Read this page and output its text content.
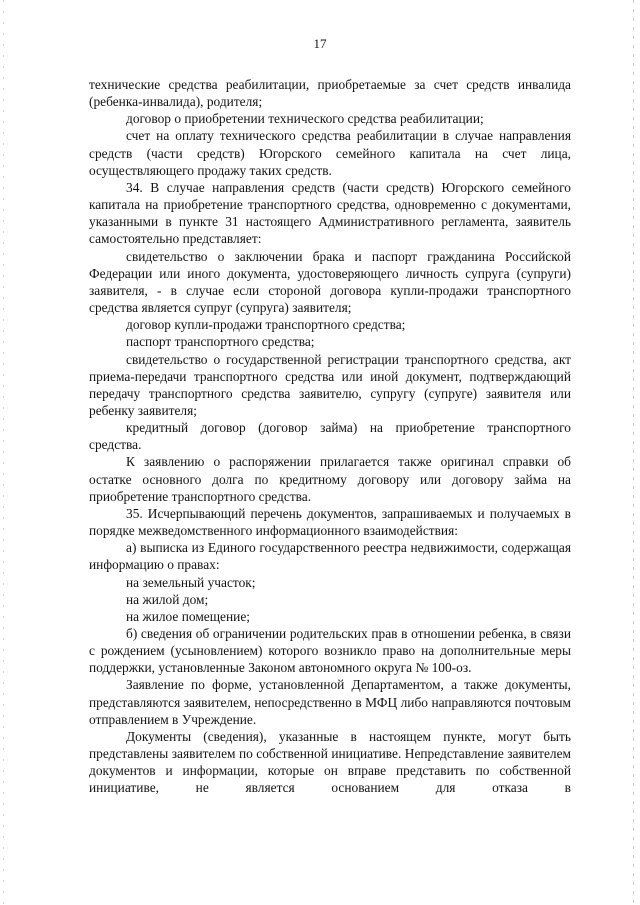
17

технические средства реабилитации, приобретаемые за счет средств инвалида (ребенка-инвалида), родителя;

договор о приобретении технического средства реабилитации;

счет на оплату технического средства реабилитации в случае направления средств (части средств) Югорского семейного капитала на счет лица, осуществляющего продажу таких средств.

34. В случае направления средств (части средств) Югорского семейного капитала на приобретение транспортного средства, одновременно с документами, указанными в пункте 31 настоящего Административного регламента, заявитель самостоятельно представляет:

свидетельство о заключении брака и паспорт гражданина Российской Федерации или иного документа, удостоверяющего личность супруга (супруги) заявителя, - в случае если стороной договора купли-продажи транспортного средства является супруг (супруга) заявителя;

договор купли-продажи транспортного средства;

паспорт транспортного средства;

свидетельство о государственной регистрации транспортного средства, акт приема-передачи транспортного средства или иной документ, подтверждающий передачу транспортного средства заявителю, супругу (супруге) заявителя или ребенку заявителя;

кредитный договор (договор займа) на приобретение транспортного средства.

К заявлению о распоряжении прилагается также оригинал справки об остатке основного долга по кредитному договору или договору займа на приобретение транспортного средства.

35. Исчерпывающий перечень документов, запрашиваемых и получаемых в порядке межведомственного информационного взаимодействия:

а) выписка из Единого государственного реестра недвижимости, содержащая информацию о правах:

на земельный участок;

на жилой дом;

на жилое помещение;

б) сведения об ограничении родительских прав в отношении ребенка, в связи с рождением (усыновлением) которого возникло право на дополнительные меры поддержки, установленные Законом автономного округа № 100-оз.

Заявление по форме, установленной Департаментом, а также документы, представляются заявителем, непосредственно в МФЦ либо направляются почтовым отправлением в Учреждение.

Документы (сведения), указанные в настоящем пункте, могут быть представлены заявителем по собственной инициативе. Непредставление заявителем документов и информации, которые он вправе представить по собственной инициативе, не является основанием для отказа в
